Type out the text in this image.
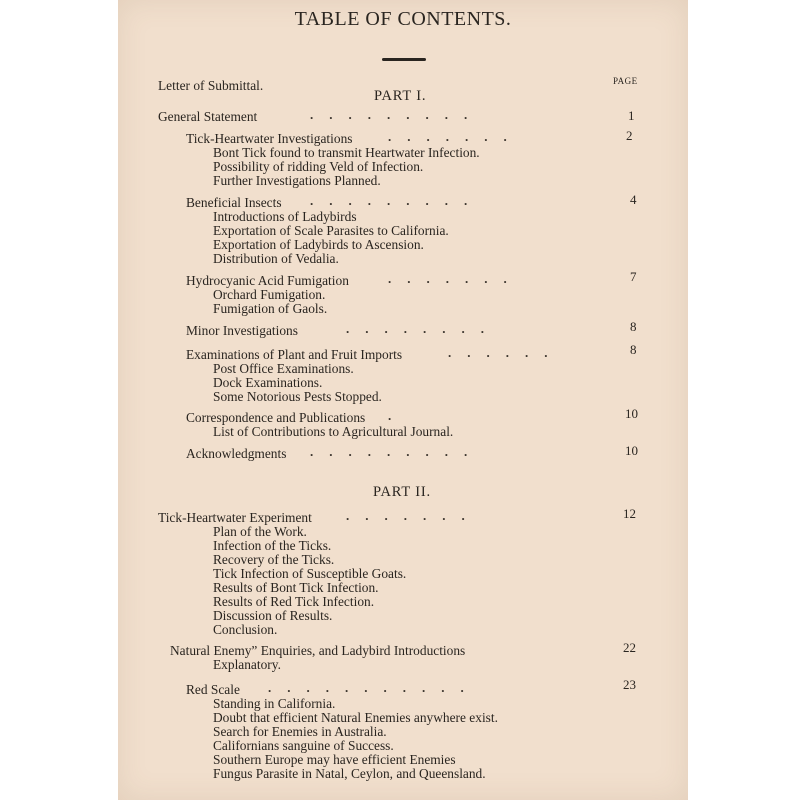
TABLE OF CONTENTS.
PAGE
Letter of Submittal.
PART I.
General Statement	.........	1
Tick-Heartwater Investigations	.......	2
Bont Tick found to transmit Heartwater Infection.
Possibility of ridding Veld of Infection.
Further Investigations Planned.
Beneficial Insects .........	4
Introductions of Ladybirds
Exportation of Scale Parasites to California.
Exportation of Ladybirds to Ascension.
Distribution of Vedalia.
Hydrocyanic Acid Fumigation	.......	7
Orchard Fumigation.
Fumigation of Gaols.
Minor Investigations	........	8
Examinations of Plant and Fruit Imports	......	8
Post Office Examinations.
Dock Examinations.
Some Notorious Pests Stopped.
Correspondence and Publications .	10
List of Contributions to Agricultural Journal.
Acknowledgments .........	10
PART II.
Tick-Heartwater Experiment	.......	12
Plan of the Work.
Infection of the Ticks.
Recovery of the Ticks.
Tick Infection of Susceptible Goats.
Results of Bont Tick Infection.
Results of Red Tick Infection.
Discussion of Results.
Conclusion.
Natural Enemy” Enquiries, and Ladybird Introductions	22
Explanatory.
Red Scale ...........	23
Standing in California.
Doubt that efficient Natural Enemies anywhere exist.
Search for Enemies in Australia.
Californians sanguine of Success.
Southern Europe may have efficient Enemies
Fungus Parasite in Natal, Ceylon, and Queensland.
